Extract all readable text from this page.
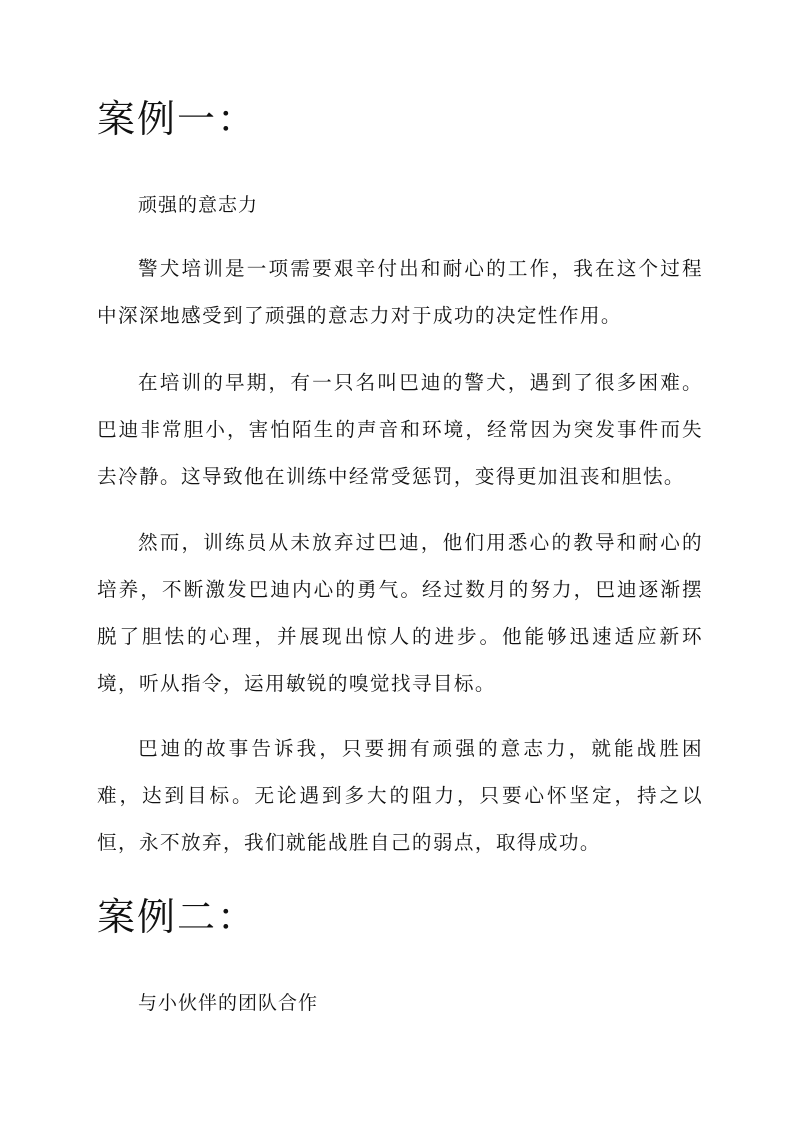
案例一：

顽强的意志力

警犬培训是一项需要艰辛付出和耐心的工作，我在这个过程中深深地感受到了顽强的意志力对于成功的决定性作用。

在培训的早期，有一只名叫巴迪的警犬，遇到了很多困难。巴迪非常胆小，害怕陌生的声音和环境，经常因为突发事件而失去冷静。这导致他在训练中经常受惩罚，变得更加沮丧和胆怯。

然而，训练员从未放弃过巴迪，他们用悉心的教导和耐心的培养，不断激发巴迪内心的勇气。经过数月的努力，巴迪逐渐摆脱了胆怯的心理，并展现出惊人的进步。他能够迅速适应新环境，听从指令，运用敏锐的嗅觉找寻目标。

巴迪的故事告诉我，只要拥有顽强的意志力，就能战胜困难，达到目标。无论遇到多大的阻力，只要心怀坚定，持之以恒，永不放弃，我们就能战胜自己的弱点，取得成功。

案例二：

与小伙伴的团队合作
